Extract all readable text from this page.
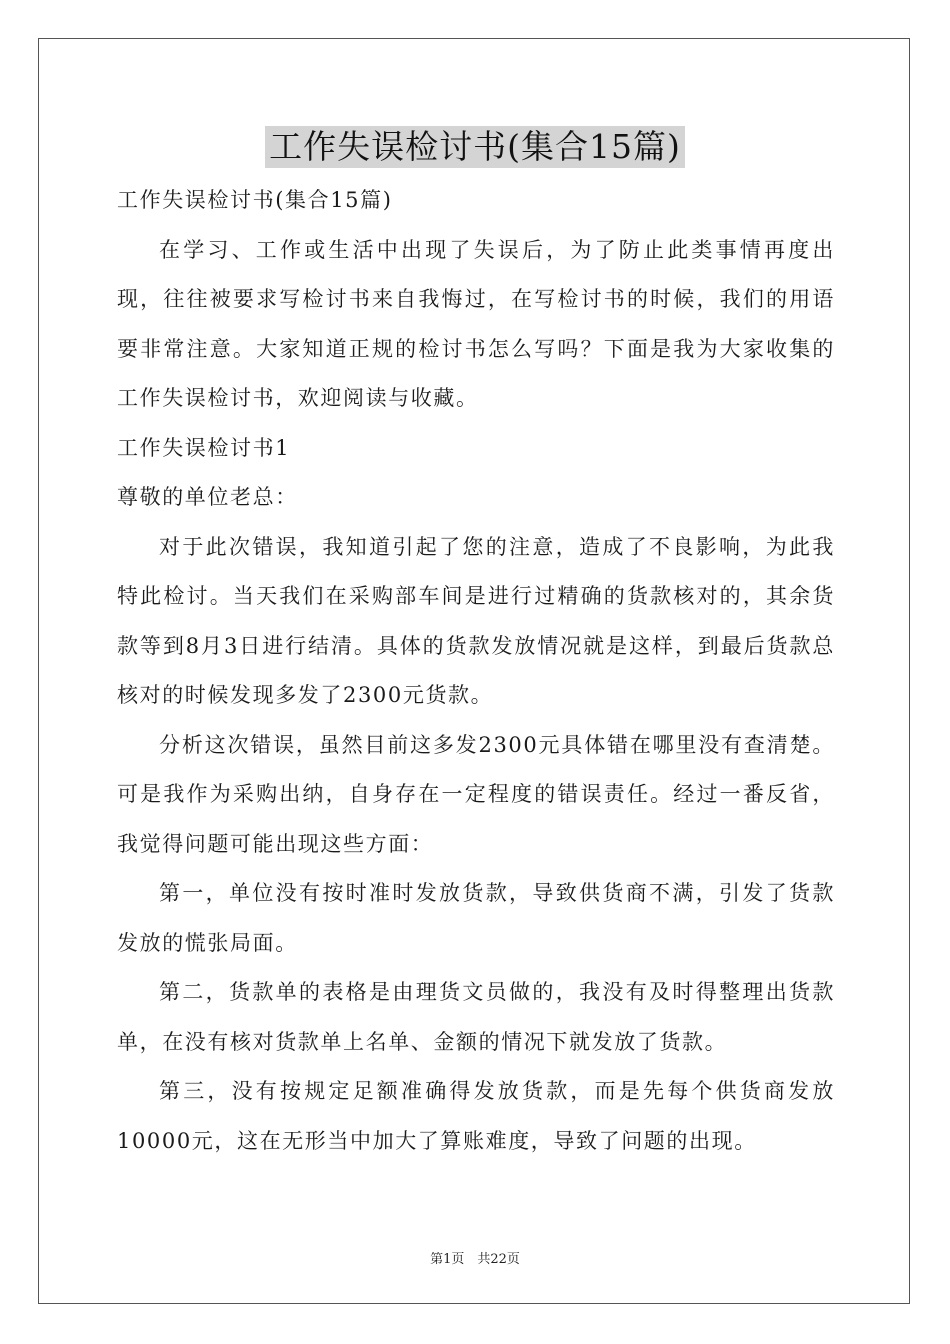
工作失误检讨书(集合15篇)

工作失误检讨书(集合15篇)

在学习、工作或生活中出现了失误后，为了防止此类事情再度出现，往往被要求写检讨书来自我悔过，在写检讨书的时候，我们的用语要非常注意。大家知道正规的检讨书怎么写吗？下面是我为大家收集的工作失误检讨书，欢迎阅读与收藏。

工作失误检讨书1

尊敬的单位老总：

对于此次错误，我知道引起了您的注意，造成了不良影响，为此我特此检讨。当天我们在采购部车间是进行过精确的货款核对的，其余货款等到8月3日进行结清。具体的货款发放情况就是这样，到最后货款总核对的时候发现多发了2300元货款。

分析这次错误，虽然目前这多发2300元具体错在哪里没有查清楚。可是我作为采购出纳，自身存在一定程度的错误责任。经过一番反省，我觉得问题可能出现这些方面：

第一，单位没有按时准时发放货款，导致供货商不满，引发了货款发放的慌张局面。

第二，货款单的表格是由理货文员做的，我没有及时得整理出货款单，在没有核对货款单上名单、金额的情况下就发放了货款。

第三，没有按规定足额准确得发放货款，而是先每个供货商发放10000元，这在无形当中加大了算账难度，导致了问题的出现。

第1页　共22页
